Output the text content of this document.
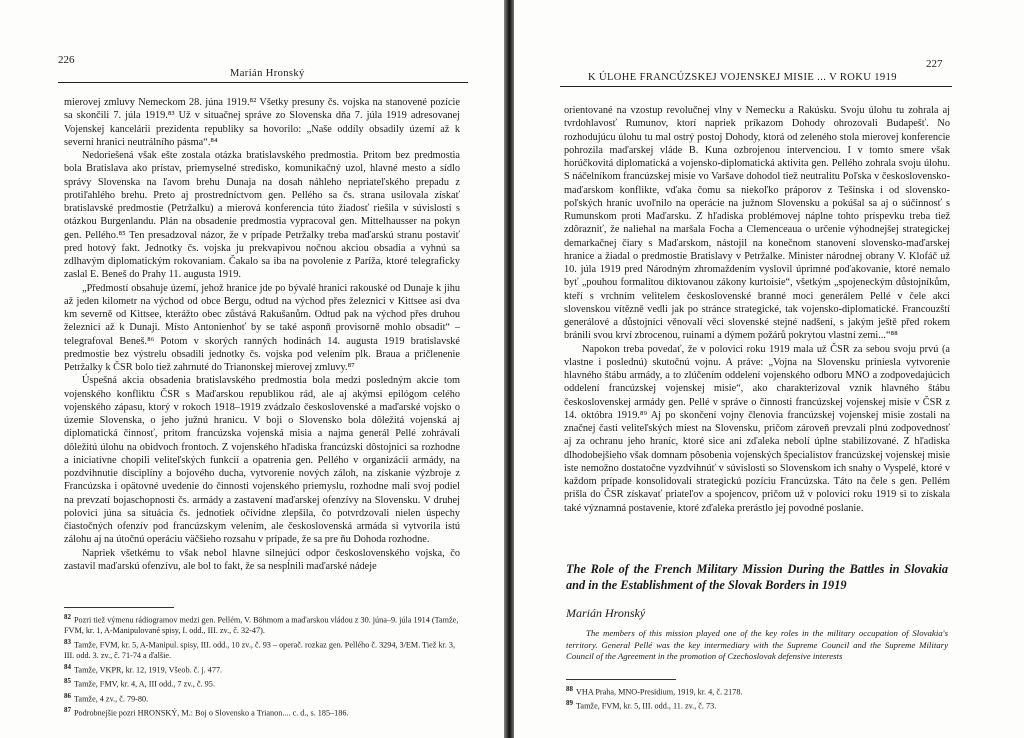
226
Marián Hronský

mierovej zmluvy Nemeckom 28. júna 1919.⁸² Všetky presuny čs. vojska na stanovené pozície sa skončili 7. júla 1919.⁸³ Už v situačnej správe zo Slovenska dňa 7. júla 1919 adresovanej Vojenskej kancelárii prezidenta republiky sa hovorilo: „Naše oddíly obsadily území až k severní hranici neutrálního pásma“.⁸⁴

Nedoriešená však ešte zostala otázka bratislavského predmostia. Pritom bez predmostia bola Bratislava ako prístav, priemyselné stredisko, komunikačný uzol, hlavné mesto a sídlo správy Slovenska na ľavom brehu Dunaja na dosah náhleho nepriateľského prepadu z protiľahlého brehu. Preto aj prostredníctvom gen. Pellého sa čs. strana usilovala získať bratislavské predmostie (Petržalku) a mierová konferencia túto žiadosť riešila v súvislosti s otázkou Burgenlandu. Plán na obsadenie predmostia vypracoval gen. Mittelhausser na pokyn gen. Pellého.⁸⁵ Ten presadzoval názor, že v prípade Petržalky treba maďarskú stranu postaviť pred hotový fakt. Jednotky čs. vojska ju prekvapivou nočnou akciou obsadia a vyhnú sa zdlhavým diplomatickým rokovaniam. Čakalo sa iba na povolenie z Paríža, ktoré telegraficky zaslal E. Beneš do Prahy 11. augusta 1919.

„Předmostí obsahuje území, jehož hranice jde po bývalé hranici rakouské od Dunaje k jihu až jeden kilometr na východ od obce Bergu, odtud na východ přes železnici v Kittsee asi dva km severně od Kittsee, kterážto obec zůstává Rakušanům. Odtud pak na východ přes druhou železnici až k Dunaji. Místo Antonienhoť by se také asponň provisorně mohlo obsadit“ – telegrafoval Beneš.⁸⁶ Potom v skorých ranných hodinách 14. augusta 1919 bratislavské predmostie bez výstrelu obsadili jednotky čs. vojska pod velením plk. Braua a pričlenenie Petržalky k ČSR bolo tiež zahrnuté do Trianonskej mierovej zmluvy.⁸⁷

Úspešná akcia obsadenia bratislavského predmostia bola medzi posledným akcie tom vojenského konfliktu ČSR s Maďarskou republikou rád, ale aj akýmsi epilógom celého vojenského zápasu, ktorý v rokoch 1918–1919 zvádzalo československé a maďarské vojsko o územie Slovenska, o jeho južnú hranicu. V boji o Slovensko bola dôležitá vojenská aj diplomatická činnosť, pritom francúzska vojenská misia a najma generál Pellé zohrávali dôležitú úlohu na obidvoch frontoch. Z vojenského hľadiska francúzski dôstojníci sa rozhodne a iniciatívne chopili veliteľských funkcií a opatrenia gen. Pellého v organizácii armády, na pozdvihnutie disciplíny a bojového ducha, vytvorenie nových záloh, na získanie výzbroje z Francúzska i opätovné uvedenie do činnosti vojenského priemyslu, rozhodne mali svoj podiel na prevzatí bojaschopnosti čs. armády a zastavení maďarskej ofenzívy na Slovensku. V druhej polovici júna sa situácia čs. jednotiek očividne zlepšila, čo potvrdzovali nielen úspechy čiastočných ofenzív pod francúzskym velením, ale československá armáda si vytvorila istú zálohu aj na útočnú operáciu väčšieho rozsahu v prípade, že sa pre ňu Dohoda rozhodne.

Napriek všetkému to však nebol hlavne silnejúci odpor československého vojska, čo zastavil maďarskú ofenzívu, ale bol to fakt, že sa nespĺnili maďarské nádeje

$^{82}$ Pozri tiež výmenu rádiogramov medzi gen. Pellém, V. Böhmom a maďarskou vládou z 30. júna–9. júla 1914 (Tamže, FVM, kr. 1, A-Manipulované spisy, I. odd., III. zv., č. 32-47).
$^{83}$ Tamže, FVM, kr. 5, A-Manipul. spisy, III. odd., 10 zv., č. 93 – operač. rozkaz gen. Pellého č. 3294, 3/EM. Tiež kr. 3, III. odd. 3. zv., č. 71-74 a ďalšie.
$^{84}$ Tamže, VKPR, kr. 12, 1919, Všeob. č. j. 477.
$^{85}$ Tamže, FMV, kr. 4, A, III odd., 7 zv., č. 95.
$^{86}$ Tamže, 4 zv., č. 79-80.
$^{87}$ Podrobnejšie pozri HRONSKÝ, M.: Boj o Slovensko a Trianon.... c. d., s. 185–186.
227
K ÚLOHE FRANCÚZSKEJ VOJENSKEJ MISIE ... V ROKU 1919

orientované na vzostup revolučnej vlny v Nemecku a Rakúsku. Svoju úlohu tu zohrala aj tvrdohlavosť Rumunov, ktorí napriek príkazom Dohody ohrozovali Budapešť. No rozhodujúcu úlohu tu mal ostrý postoj Dohody, ktorá od zeleného stola mierovej konferencie pohrozila maďarskej vláde B. Kuna ozbrojenou intervenciou. I v tomto smere však horúčkovitá diplomatická a vojensko-diplomatická aktivita gen. Pelléhо zohrala svoju úlohu. S náčelníkom francúzskej misie vo Varšave dohodol tiež neutralitu Poľska v československo-maďarskom konflikte, vďaka čomu sa niekoľko práporov z Tešínska i od slovensko-poľských hraníc uvoľnilo na operácie na južnom Slovensku a pokúšal sa aj o súčinnosť s Rumunskom proti Maďarsku. Z hľadiska problémovej náplne tohto príspevku treba tiež zdôrazniť, že naliehal na maršala Focha a Clemenceaua o určenie výhodnejšej strategickej demarkačnej čiary s Maďarskom, nástojil na konečnom stanovení slovensko-maďarskej hranice a žiadal o predmostie Bratislavy v Petržalke. Minister národnej obrany V. Klofáč už 10. júla 1919 pred Národným zhromaždením vyslovil úprimné poďakovanie, ktoré nemalo byť „pouhou formalitou diktovanou zákony kurtoisie“, všetkým „spojeneckým důstojníkům, kteří s vrchním velitelem československé branné moci generálem Pellé v čele akci slovenskou vítězně vedli jak po stránce strategické, tak vojensko-diplomatické. Francouzští generálové a důstojníci věnovali věci slovenské stejné nadšení, s jakým ještě před rokem bránili svou krví zbrocenou, ruinami a dýmem požárů pokrytou vlastní zemi...“⁸⁸

Napokon treba povedať, že v polovici roku 1919 mala už ČSR za sebou svoju prvú (a vlastne i poslednú) skutočnú vojnu. A práve: „Vojna na Slovensku priniesla vytvorenie hlavného štábu armády, a to zlúčením oddelení vojenského odboru MNO a zodpovedajúcich oddelení francúzskej vojenskej misie“, ako charakterizoval vznik hlavného štábu československej armády gen. Pellé v správe o činnosti francúzskej vojenskej misie v ČSR z 14. októbra 1919.⁸⁹ Aj po skončení vojny členovia francúzskej vojenskej misie zostali na značnej časti veliteľských miest na Slovensku, pričom zároveň prevzali plnú zodpovednosť aj za ochranu jeho hraníc, ktoré sice ani zďaleka nebolí úplne stabilizované. Z hľadiska dlhodobejšieho však domnam pôsobenia vojenských špecialistov francúzskej vojenskej misie iste nemožno dostatočne vyzdvihnúť v súvislosti so Slovenskom ich snahy o Vyspelé, ktoré v každom prípade konsolidovali strategickú pozíciu Francúzska. Táto na čele s gen. Pellém prišla do ČSR získavať priateľov a spojencov, pričom už v polovici roku 1919 si to získala také významná postavenie, ktoré zďaleka prerástlo jej povodné poslanie.

The Role of the French Military Mission During the Battles in Slovakia and in the Establishment of the Slovak Borders in 1919
Marián Hronský

The members of this mission played one of the key roles in the military occupation of Slovakia's territory. General Pellé was the key intermediary with the Supreme Council and the Supreme Military Council of the Agreement in the promotion of Czechoslovak defensive interests

$^{88}$ VHA Praha, MNO-Presidium, 1919, kr. 4, č. 2178.
$^{89}$ Tamže, FVM, kr. 5, III. odd., 11. zv., č. 73.
